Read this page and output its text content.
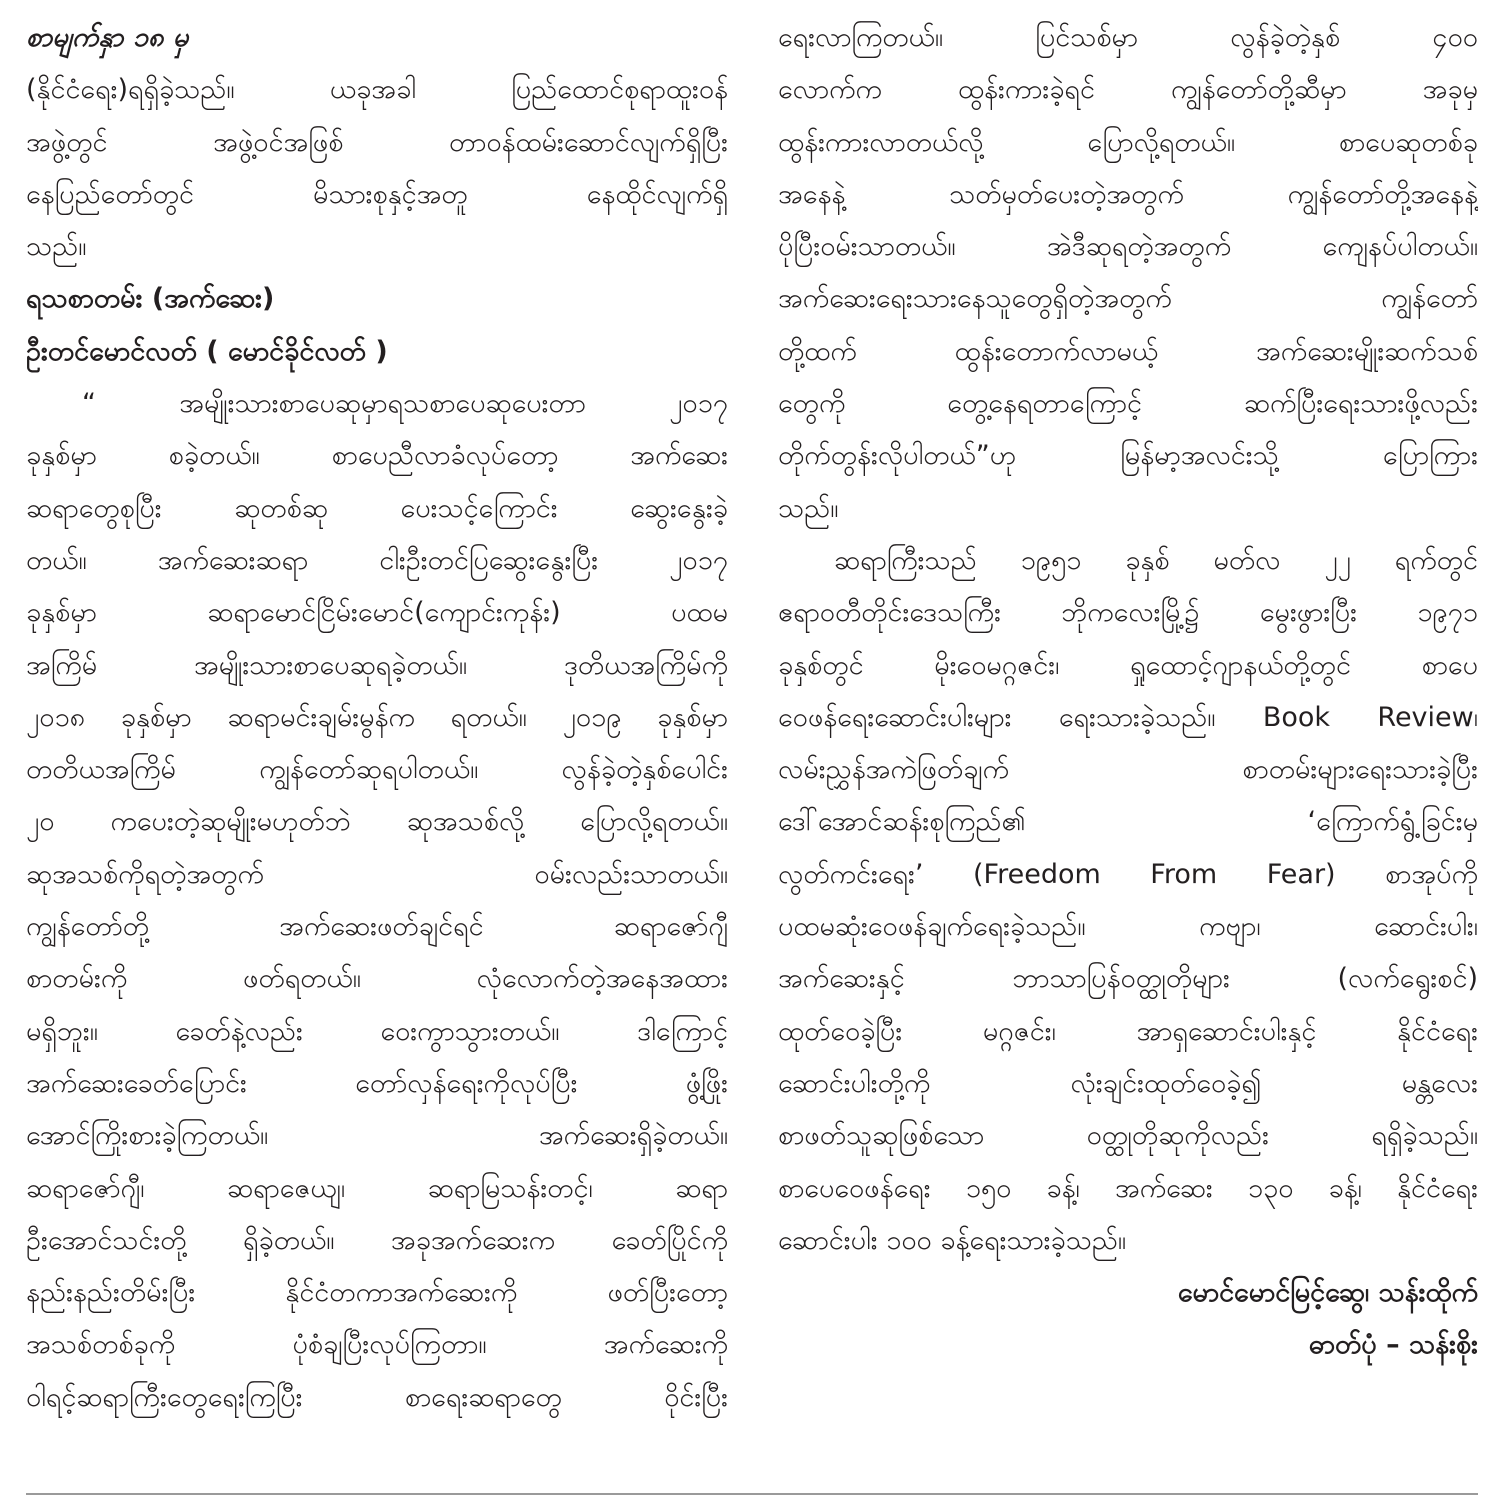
စာမျက်နှာ ၁၈ မှ
(နိုင်ငံရေး)ရရှိခဲ့သည်။ ယခုအခါ ပြည်ထောင်စုရာထူးဝန်
အဖွဲ့တွင် အဖွဲ့ဝင်အဖြစ် တာဝန်ထမ်းဆောင်လျက်ရှိပြီး
နေပြည်တော်တွင် မိသားစုနှင့်အတူ နေထိုင်လျက်ရှိ
သည်။
ရသစာတမ်း (အက်ဆေး)
ဦးတင်မောင်လတ် ( မောင်ခိုင်လတ် )
“ အမျိုးသားစာပေဆုမှာရသစာပေဆုပေးတာ ၂၀၁၇
ခုနှစ်မှာ စခဲ့တယ်။ စာပေညီလာခံလုပ်တော့ အက်ဆေး
ဆရာတွေစုပြီး ဆုတစ်ဆု ပေးသင့်ကြောင်း ဆွေးနွေးခဲ့
တယ်။ အက်ဆေးဆရာ ငါးဦးတင်ပြဆွေးနွေးပြီး ၂၀၁၇
ခုနှစ်မှာ ဆရာမောင်ငြိမ်းမောင်(ကျောင်းကုန်း) ပထမ
အကြိမ် အမျိုးသားစာပေဆုရခဲ့တယ်။ ဒုတိယအကြိမ်ကို
၂၀၁၈ ခုနှစ်မှာ ဆရာမင်းချမ်းမွန်က ရတယ်။ ၂၀၁၉ ခုနှစ်မှာ
တတိယအကြိမ် ကျွန်တော်ဆုရပါတယ်။ လွန်ခဲ့တဲ့နှစ်ပေါင်း
၂၀ ကပေးတဲ့ဆုမျိုးမဟုတ်ဘဲ ဆုအသစ်လို့ ပြောလို့ရတယ်။
ဆုအသစ်ကိုရတဲ့အတွက် ဝမ်းလည်းသာတယ်။
ကျွန်တော်တို့ အက်ဆေးဖတ်ချင်ရင် ဆရာဇော်ဂျီ
စာတမ်းကို ဖတ်ရတယ်။ လုံလောက်တဲ့အနေအထား
မရှိဘူး။ ခေတ်နဲ့လည်း ဝေးကွာသွားတယ်။ ဒါကြောင့်
အက်ဆေးခေတ်ပြောင်း တော်လှန်ရေးကိုလုပ်ပြီး ဖွံ့ဖြိုး
အောင်ကြိုးစားခဲ့ကြတယ်။ အက်ဆေးရှိခဲ့တယ်။
ဆရာဇော်ဂျီ၊ ဆရာဇေယျ၊ ဆရာမြသန်းတင့်၊ ဆရာ
ဦးအောင်သင်းတို့ ရှိခဲ့တယ်။ အခုအက်ဆေးက ခေတ်ပြိုင်ကို
နည်းနည်းတိမ်းပြီး နိုင်ငံတကာအက်ဆေးကို ဖတ်ပြီးတော့
အသစ်တစ်ခုကို ပုံစံချပြီးလုပ်ကြတာ။ အက်ဆေးကို
ဝါရင့်ဆရာကြီးတွေရေးကြပြီး စာရေးဆရာတွေ ဝိုင်းပြီး
ရေးလာကြတယ်။ ပြင်သစ်မှာ လွန်ခဲ့တဲ့နှစ် ၄၀၀
လောက်က ထွန်းကားခဲ့ရင် ကျွန်တော်တို့ဆီမှာ အခုမှ
ထွန်းကားလာတယ်လို့ ပြောလို့ရတယ်။ စာပေဆုတစ်ခု
အနေနဲ့ သတ်မှတ်ပေးတဲ့အတွက် ကျွန်တော်တို့အနေနဲ့
ပိုပြီးဝမ်းသာတယ်။ အဲဒီဆုရတဲ့အတွက် ကျေနပ်ပါတယ်။
အက်ဆေးရေးသားနေသူတွေရှိတဲ့အတွက် ကျွန်တော်
တို့ထက် ထွန်းတောက်လာမယ့် အက်ဆေးမျိုးဆက်သစ်
တွေကို တွေ့နေရတာကြောင့် ဆက်ပြီးရေးသားဖို့လည်း
တိုက်တွန်းလိုပါတယ်”ဟု မြန်မာ့အလင်းသို့ ပြောကြား
သည်။
ဆရာကြီးသည် ၁၉၅၁ ခုနှစ် မတ်လ ၂၂ ရက်တွင်
ဧရာဝတီတိုင်းဒေသကြီး ဘိုကလေးမြို့၌ မွေးဖွားပြီး ၁၉၇၁
ခုနှစ်တွင် မိုးဝေမဂ္ဂဇင်း၊ ရှုထောင့်ဂျာနယ်တို့တွင် စာပေ
ဝေဖန်ရေးဆောင်းပါးများ ရေးသားခဲ့သည်။ Book Review၊
လမ်းညွှန်အကဲဖြတ်ချက် စာတမ်းများရေးသားခဲ့ပြီး
ဒေါ်အောင်ဆန်းစုကြည်၏ ‘ကြောက်ရွံ့ခြင်းမှ
လွတ်ကင်းရေး’ (Freedom From Fear) စာအုပ်ကို
ပထမဆုံးဝေဖန်ချက်ရေးခဲ့သည်။ ကဗျာ၊ ဆောင်းပါး၊
အက်ဆေးနှင့် ဘာသာပြန်ဝတ္ထုတိုများ (လက်ရွေးစင်)
ထုတ်ဝေခဲ့ပြီး မဂ္ဂဇင်း၊ အာရှဆောင်းပါးနှင့် နိုင်ငံရေး
ဆောင်းပါးတို့ကို လုံးချင်းထုတ်ဝေခဲ့၍ မန္တလေး
စာဖတ်သူဆုဖြစ်သော ဝတ္ထုတိုဆုကိုလည်း ရရှိခဲ့သည်။
စာပေဝေဖန်ရေး ၁၅၀ ခန့်၊ အက်ဆေး ၁၃၀ ခန့်၊ နိုင်ငံရေး
ဆောင်းပါး ၁၀၀ ခန့်ရေးသားခဲ့သည်။
မောင်မောင်မြင့်ဆွေ၊ သန်းထိုက်
ဓာတ်ပုံ – သန်းစိုး
